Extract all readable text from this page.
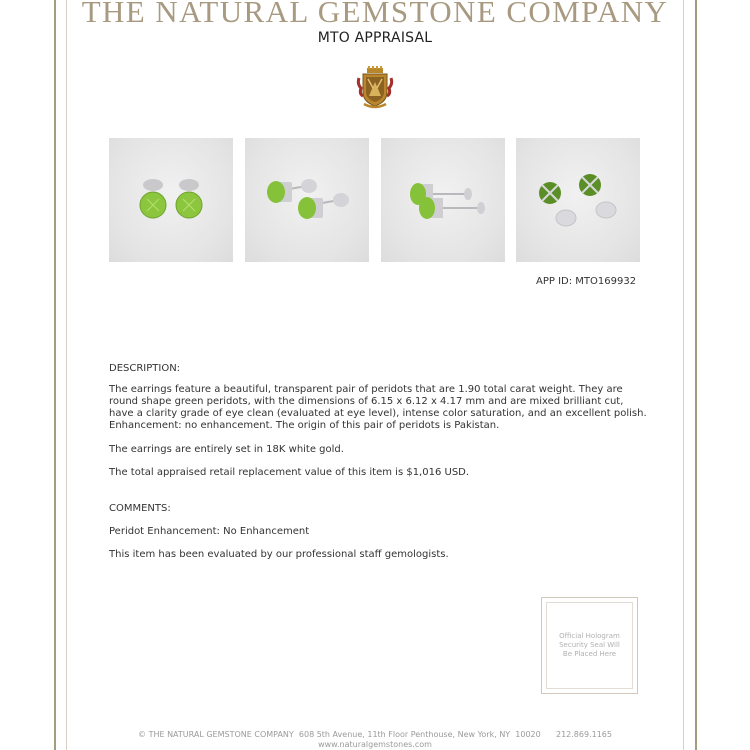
THE NATURAL GEMSTONE COMPANY
MTO APPRAISAL
APP ID: MTO169932
DESCRIPTION:
The earrings feature a beautiful, transparent pair of peridots that are 1.90 total carat weight. They are round shape green peridots, with the dimensions of 6.15 x 6.12 x 4.17 mm and are mixed brilliant cut, have a clarity grade of eye clean (evaluated at eye level), intense color saturation, and an excellent polish. Enhancement: no enhancement. The origin of this pair of peridots is Pakistan.
The earrings are entirely set in 18K white gold.
The total appraised retail replacement value of this item is $1,016 USD.
COMMENTS:
Peridot Enhancement: No Enhancement
This item has been evaluated by our professional staff gemologists.
Official Hologram Security Seal Will Be Placed Here
© THE NATURAL GEMSTONE COMPANY  608 5th Avenue, 11th Floor Penthouse, New York, NY  10020      212.869.1165
www.naturalgemstones.com
